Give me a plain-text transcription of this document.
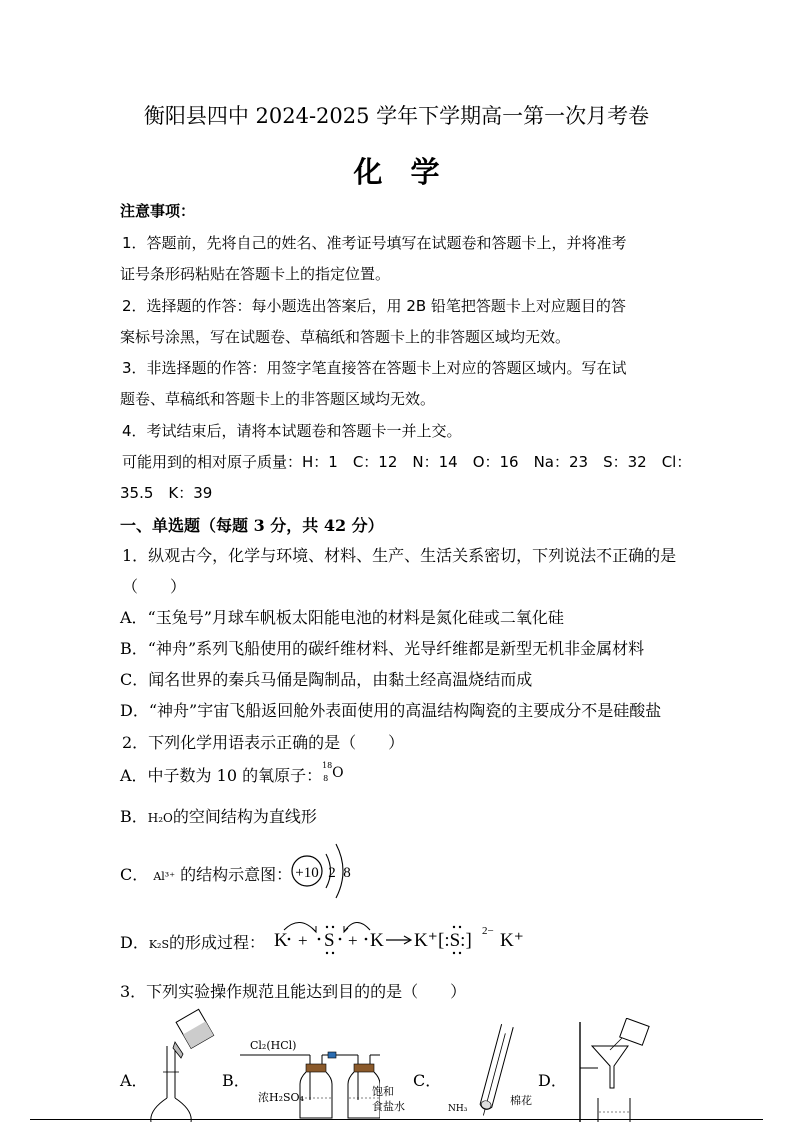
衡阳县四中 2024-2025 学年下学期高一第一次月考卷
化学
注意事项：
1．答题前，先将自己的姓名、准考证号填写在试题卷和答题卡上，并将准考
证号条形码粘贴在答题卡上的指定位置。
2．选择题的作答：每小题选出答案后，用 2B 铅笔把答题卡上对应题目的答
案标号涂黑，写在试题卷、草稿纸和答题卡上的非答题区域均无效。
3．非选择题的作答：用签字笔直接答在答题卡上对应的答题区域内。写在试
题卷、草稿纸和答题卡上的非答题区域均无效。
4．考试结束后，请将本试题卷和答题卡一并上交。
可能用到的相对原子质量：H：1　C：12　N：14　O：16　Na：23　S：32　Cl：
35.5　K：39
一、单选题（每题 3 分，共 42 分）
1．纵观古今，化学与环境、材料、生产、生活关系密切，下列说法不正确的是
（　　）
A．“玉兔号”月球车帆板太阳能电池的材料是氮化硅或二氧化硅
B．“神舟”系列飞船使用的碳纤维材料、光导纤维都是新型无机非金属材料
C．闻名世界的秦兵马俑是陶制品，由黏土经高温烧结而成
D．“神舟”宇宙飞船返回舱外表面使用的高温结构陶瓷的主要成分不是硅酸盐
2．下列化学用语表示正确的是（　　）
A．中子数为 10 的氧原子：
18
8 O
B．H₂O的空间结构为直线形
C． Al³⁺ 的结构示意图： +10 2 8
D．K₂S的形成过程： K + S + K K⁺ [:S:] 2− K⁺
3．下列实验操作规范且能达到目的的是（　　）
A．	B．	C．	D．
Cl₂(HCl)
浓H₂SO₄	饱和
食盐水	NH₃
棉花
